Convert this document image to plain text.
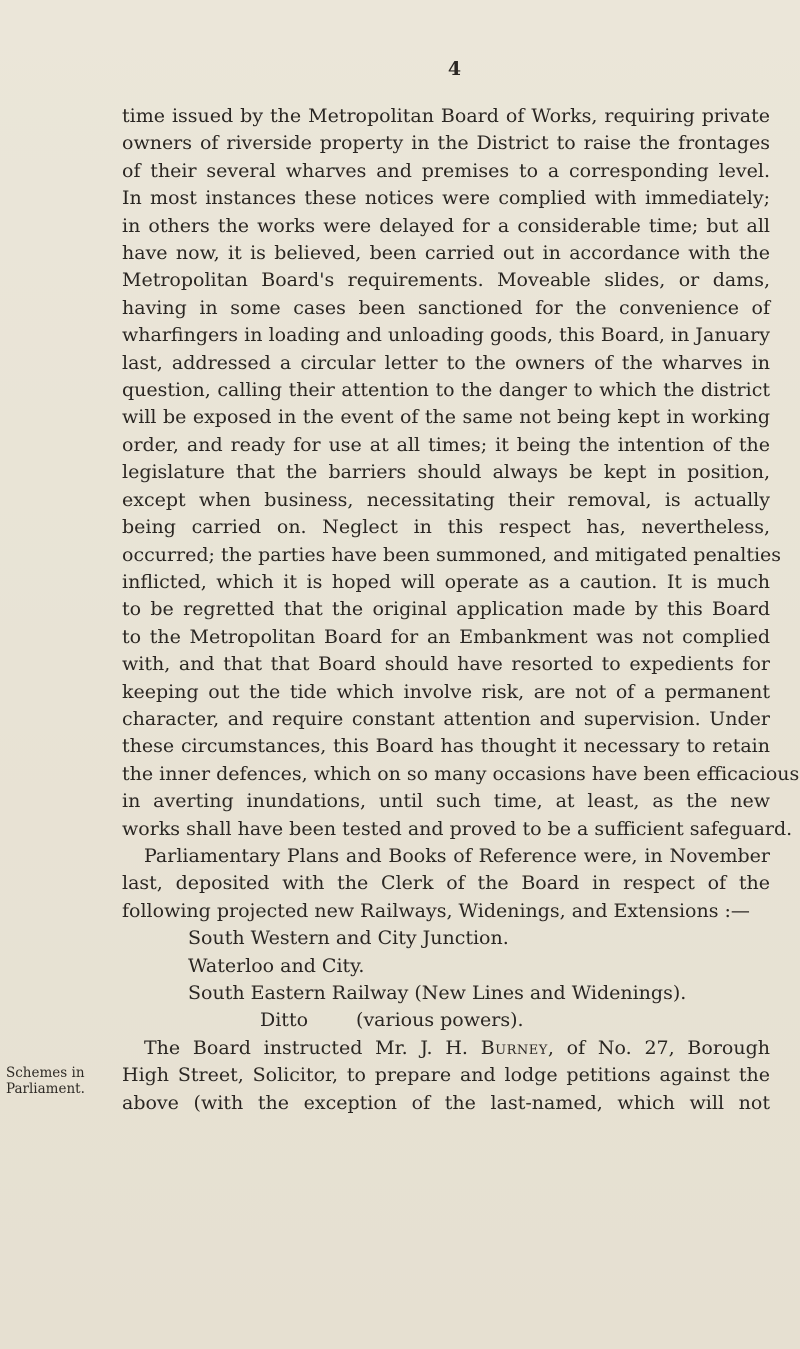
4
Schemes in
Parliament.
time issued by the Metropolitan Board of Works, requiring private
owners of riverside property in the District to raise the frontages
of their several wharves and premises to a corresponding level.
In most instances these notices were complied with immediately;
in others the works were delayed for a considerable time; but all
have now, it is believed, been carried out in accordance with the
Metropolitan Board's requirements. Moveable slides, or dams,
having in some cases been sanctioned for the convenience of
wharfingers in loading and unloading goods, this Board, in January
last, addressed a circular letter to the owners of the wharves in
question, calling their attention to the danger to which the district
will be exposed in the event of the same not being kept in working
order, and ready for use at all times; it being the intention of the
legislature that the barriers should always be kept in position,
except when business, necessitating their removal, is actually
being carried on. Neglect in this respect has, nevertheless,
occurred; the parties have been summoned, and mitigated penalties
inflicted, which it is hoped will operate as a caution. It is much
to be regretted that the original application made by this Board
to the Metropolitan Board for an Embankment was not complied
with, and that that Board should have resorted to expedients for
keeping out the tide which involve risk, are not of a permanent
character, and require constant attention and supervision. Under
these circumstances, this Board has thought it necessary to retain
the inner defences, which on so many occasions have been efficacious
in averting inundations, until such time, at least, as the new
works shall have been tested and proved to be a sufficient safeguard.
Parliamentary Plans and Books of Reference were, in November
last, deposited with the Clerk of the Board in respect of the
following projected new Railways, Widenings, and Extensions :—
South Western and City Junction.
Waterloo and City.
South Eastern Railway (New Lines and Widenings).
Ditto	(various powers).
The Board instructed Mr. J. H. Burney, of No. 27, Borough
High Street, Solicitor, to prepare and lodge petitions against the
above (with the exception of the last-named, which will not
